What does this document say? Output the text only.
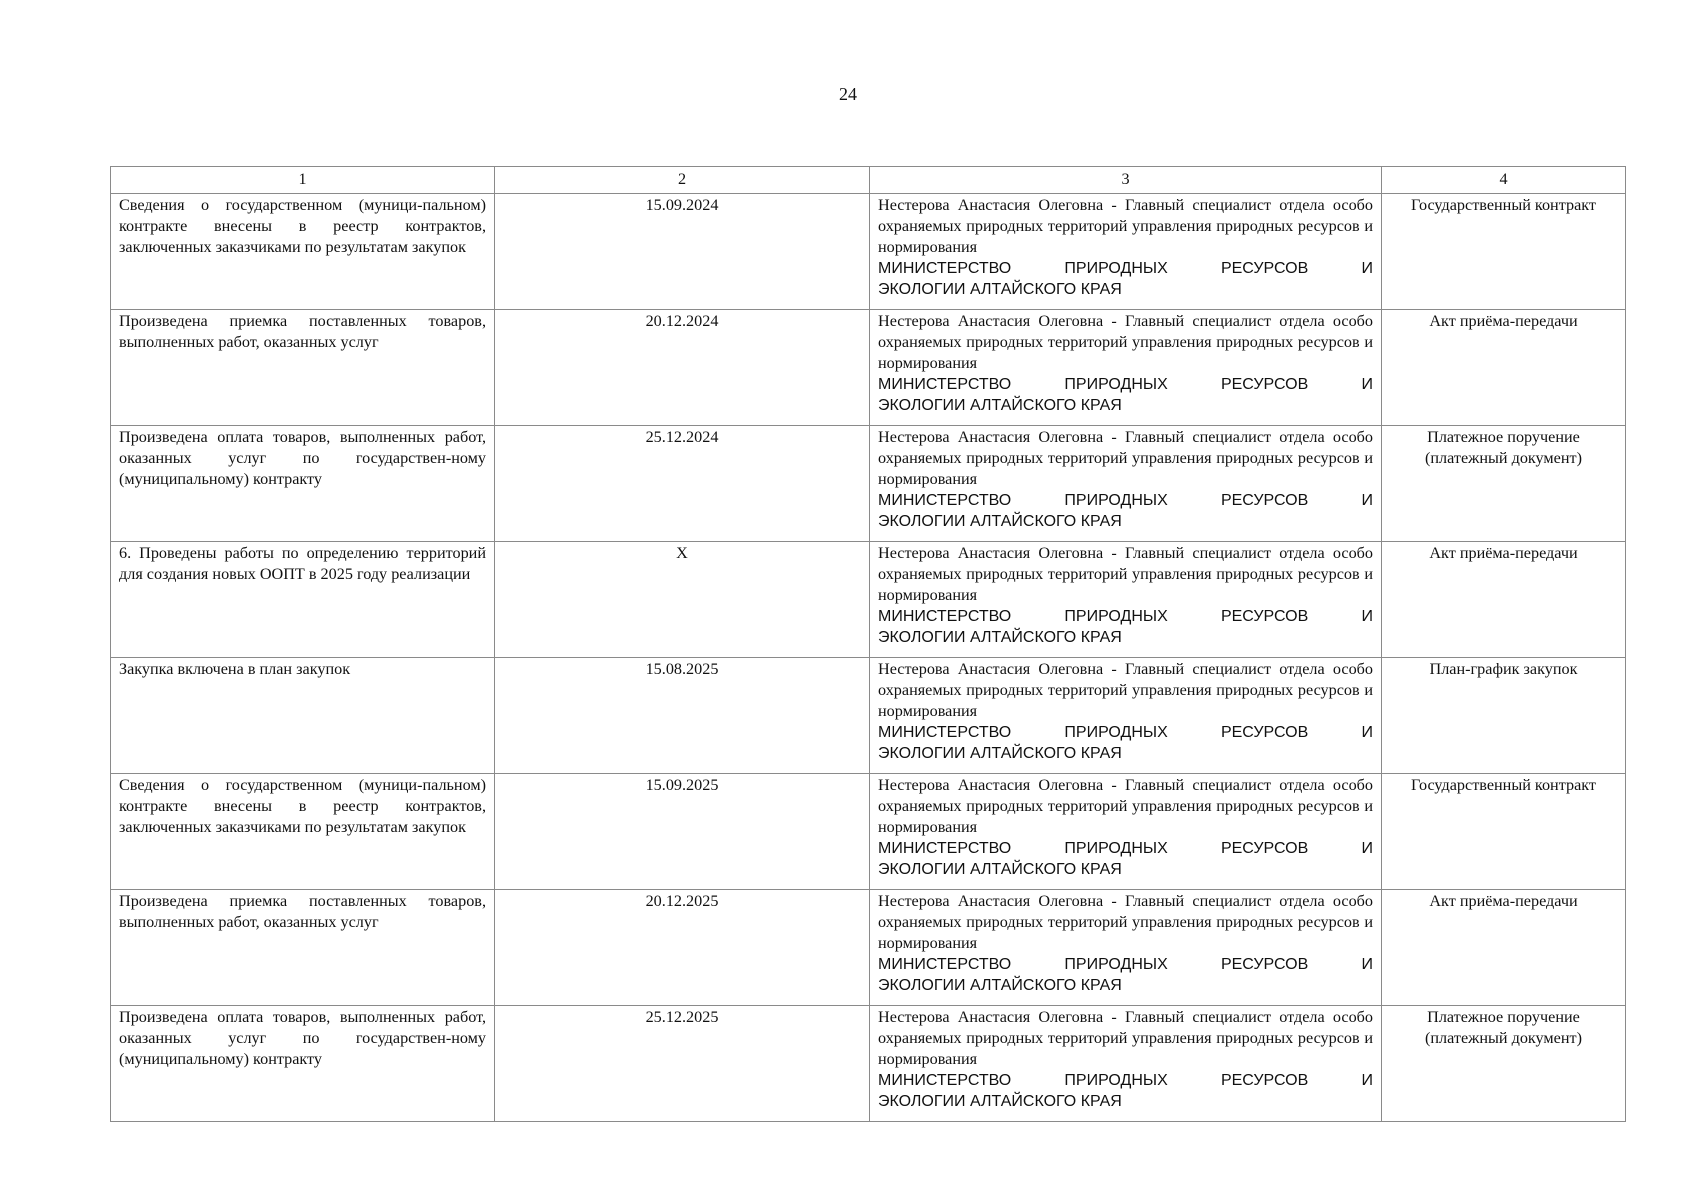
24
1	2	3	4

Сведения о государственном (муници-пальном) контракте внесены в реестр контрактов, заключенных заказчиками по результатам закупок	15.09.2024	Нестерова Анастасия Олеговна - Главный специалист отдела особо охраняемых природных территорий управления природных ресурсов и нормирования
МИНИСТЕРСТВО ПРИРОДНЫХ РЕСУРСОВ И
ЭКОЛОГИИ АЛТАЙСКОГО КРАЯ	Государственный контракт

Произведена приемка поставленных товаров, выполненных работ, оказанных услуг	20.12.2024	Нестерова Анастасия Олеговна - Главный специалист отдела особо охраняемых природных территорий управления природных ресурсов и нормирования
МИНИСТЕРСТВО ПРИРОДНЫХ РЕСУРСОВ И
ЭКОЛОГИИ АЛТАЙСКОГО КРАЯ	Акт приёма-передачи

Произведена оплата товаров, выполненных работ, оказанных услуг по государствен-ному (муниципальному) контракту	25.12.2024	Нестерова Анастасия Олеговна - Главный специалист отдела особо охраняемых природных территорий управления природных ресурсов и нормирования
МИНИСТЕРСТВО ПРИРОДНЫХ РЕСУРСОВ И
ЭКОЛОГИИ АЛТАЙСКОГО КРАЯ	Платежное поручение (платежный документ)

6. Проведены работы по определению территорий для создания новых ООПТ в 2025 году реализации	Х	Нестерова Анастасия Олеговна - Главный специалист отдела особо охраняемых природных территорий управления природных ресурсов и нормирования
МИНИСТЕРСТВО ПРИРОДНЫХ РЕСУРСОВ И
ЭКОЛОГИИ АЛТАЙСКОГО КРАЯ	Акт приёма-передачи

Закупка включена в план закупок	15.08.2025	Нестерова Анастасия Олеговна - Главный специалист отдела особо охраняемых природных территорий управления природных ресурсов и нормирования
МИНИСТЕРСТВО ПРИРОДНЫХ РЕСУРСОВ И
ЭКОЛОГИИ АЛТАЙСКОГО КРАЯ	План-график закупок

Сведения о государственном (муници-пальном) контракте внесены в реестр контрактов, заключенных заказчиками по результатам закупок	15.09.2025	Нестерова Анастасия Олеговна - Главный специалист отдела особо охраняемых природных территорий управления природных ресурсов и нормирования
МИНИСТЕРСТВО ПРИРОДНЫХ РЕСУРСОВ И
ЭКОЛОГИИ АЛТАЙСКОГО КРАЯ	Государственный контракт

Произведена приемка поставленных товаров, выполненных работ, оказанных услуг	20.12.2025	Нестерова Анастасия Олеговна - Главный специалист отдела особо охраняемых природных территорий управления природных ресурсов и нормирования
МИНИСТЕРСТВО ПРИРОДНЫХ РЕСУРСОВ И
ЭКОЛОГИИ АЛТАЙСКОГО КРАЯ	Акт приёма-передачи

Произведена оплата товаров, выполненных работ, оказанных услуг по государствен-ному (муниципальному) контракту	25.12.2025	Нестерова Анастасия Олеговна - Главный специалист отдела особо охраняемых природных территорий управления природных ресурсов и нормирования
МИНИСТЕРСТВО ПРИРОДНЫХ РЕСУРСОВ И
ЭКОЛОГИИ АЛТАЙСКОГО КРАЯ	Платежное поручение (платежный документ)
